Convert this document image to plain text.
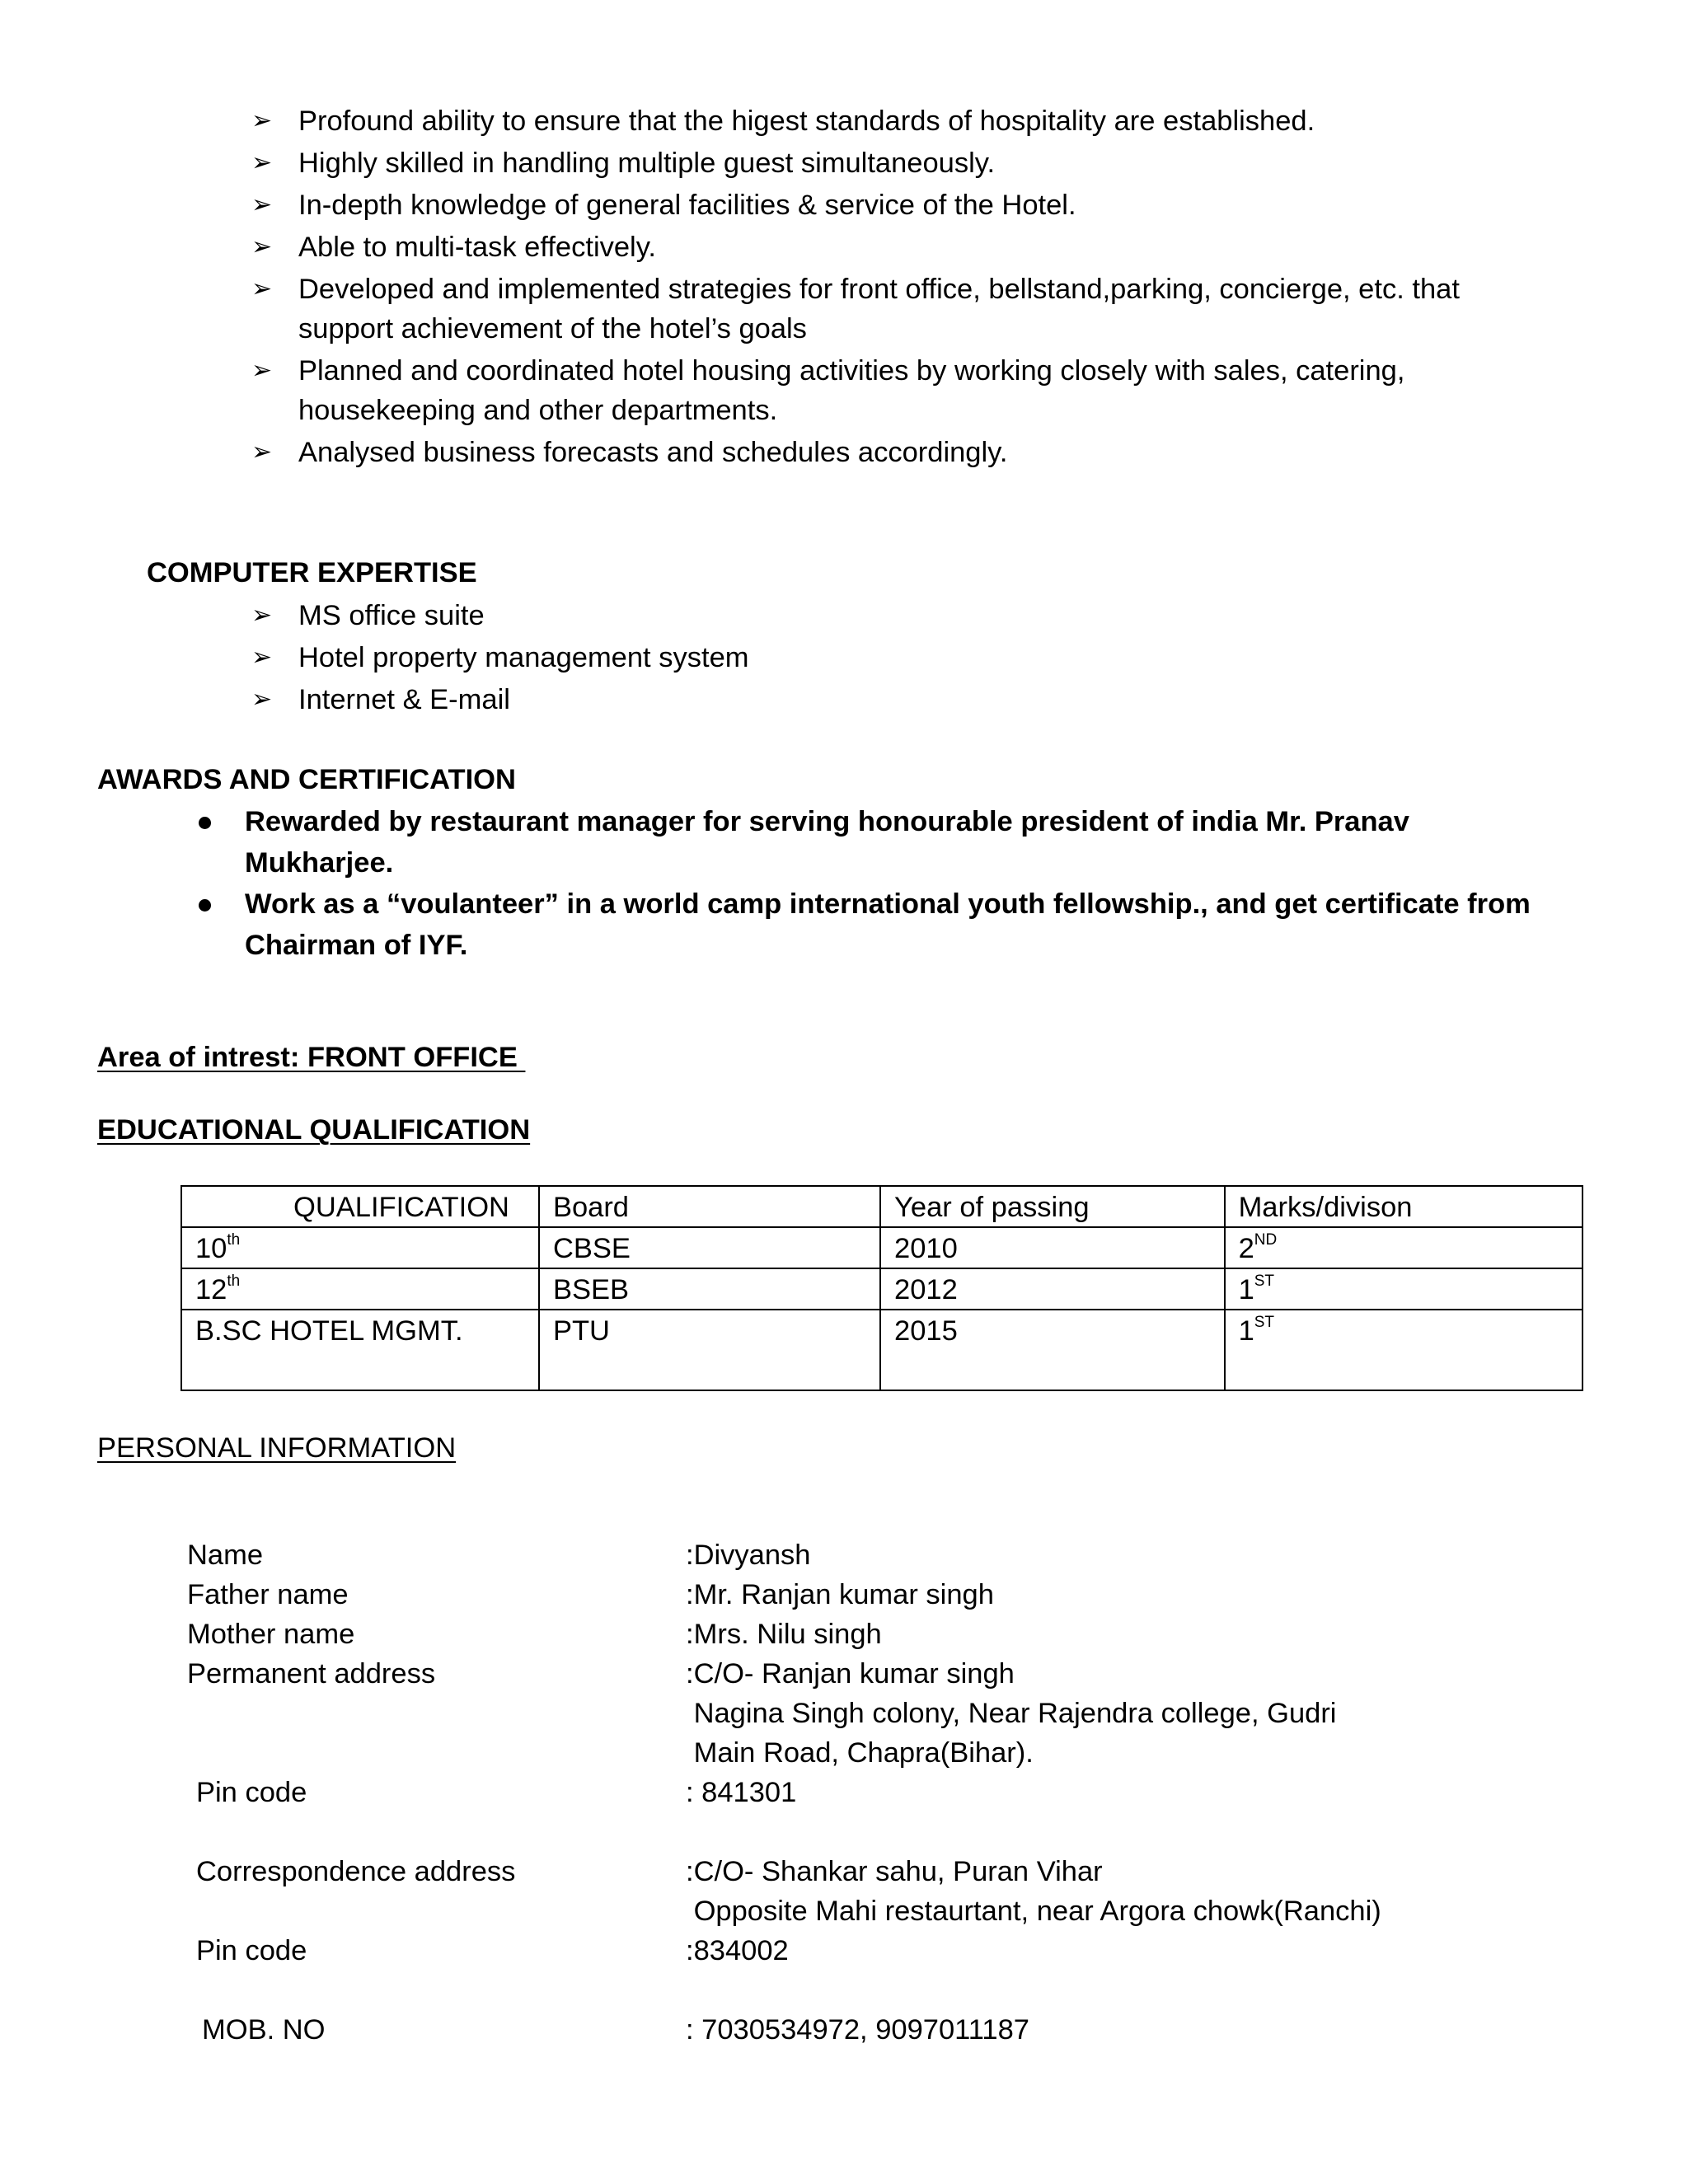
➢ Profound ability to ensure that the higest standards of hospitality are established.
➢ Highly skilled in handling multiple guest simultaneously.
➢ In-depth knowledge of general facilities & service of the Hotel.
➢ Able to multi-task effectively.
➢ Developed and implemented strategies for front office, bellstand,parking, concierge, etc. that
support achievement of the hotel’s goals
➢ Planned and coordinated hotel housing activities by working closely with sales, catering,
housekeeping and other departments.
➢ Analysed business forecasts and schedules accordingly.
COMPUTER EXPERTISE
➢ MS office suite
➢ Hotel property management system
➢ Internet & E-mail
AWARDS AND CERTIFICATION
Rewarded by restaurant manager for serving honourable president of india Mr. Pranav
Mukharjee.
Work as a “voulanteer” in a world camp international youth fellowship., and get certificate from
Chairman of IYF.
Area of intrest: FRONT OFFICE
EDUCATIONAL QUALIFICATION
QUALIFICATION	Board	Year of passing	Marks/divison
10th	CBSE	2010	2ND
12th	BSEB	2012	1ST
B.SC HOTEL MGMT.	PTU	2015	1ST
PERSONAL INFORMATION
Name	:Divyansh
Father name	:Mr. Ranjan kumar singh
Mother name	:Mrs. Nilu singh
Permanent address	:C/O- Ranjan kumar singh
Nagina Singh colony, Near Rajendra college, Gudri
Main Road, Chapra(Bihar).
Pin code	: 841301
Correspondence address	:C/O- Shankar sahu, Puran Vihar
Opposite Mahi restaurtant, near Argora chowk(Ranchi)
Pin code	:834002
MOB. NO	: 7030534972, 9097011187
